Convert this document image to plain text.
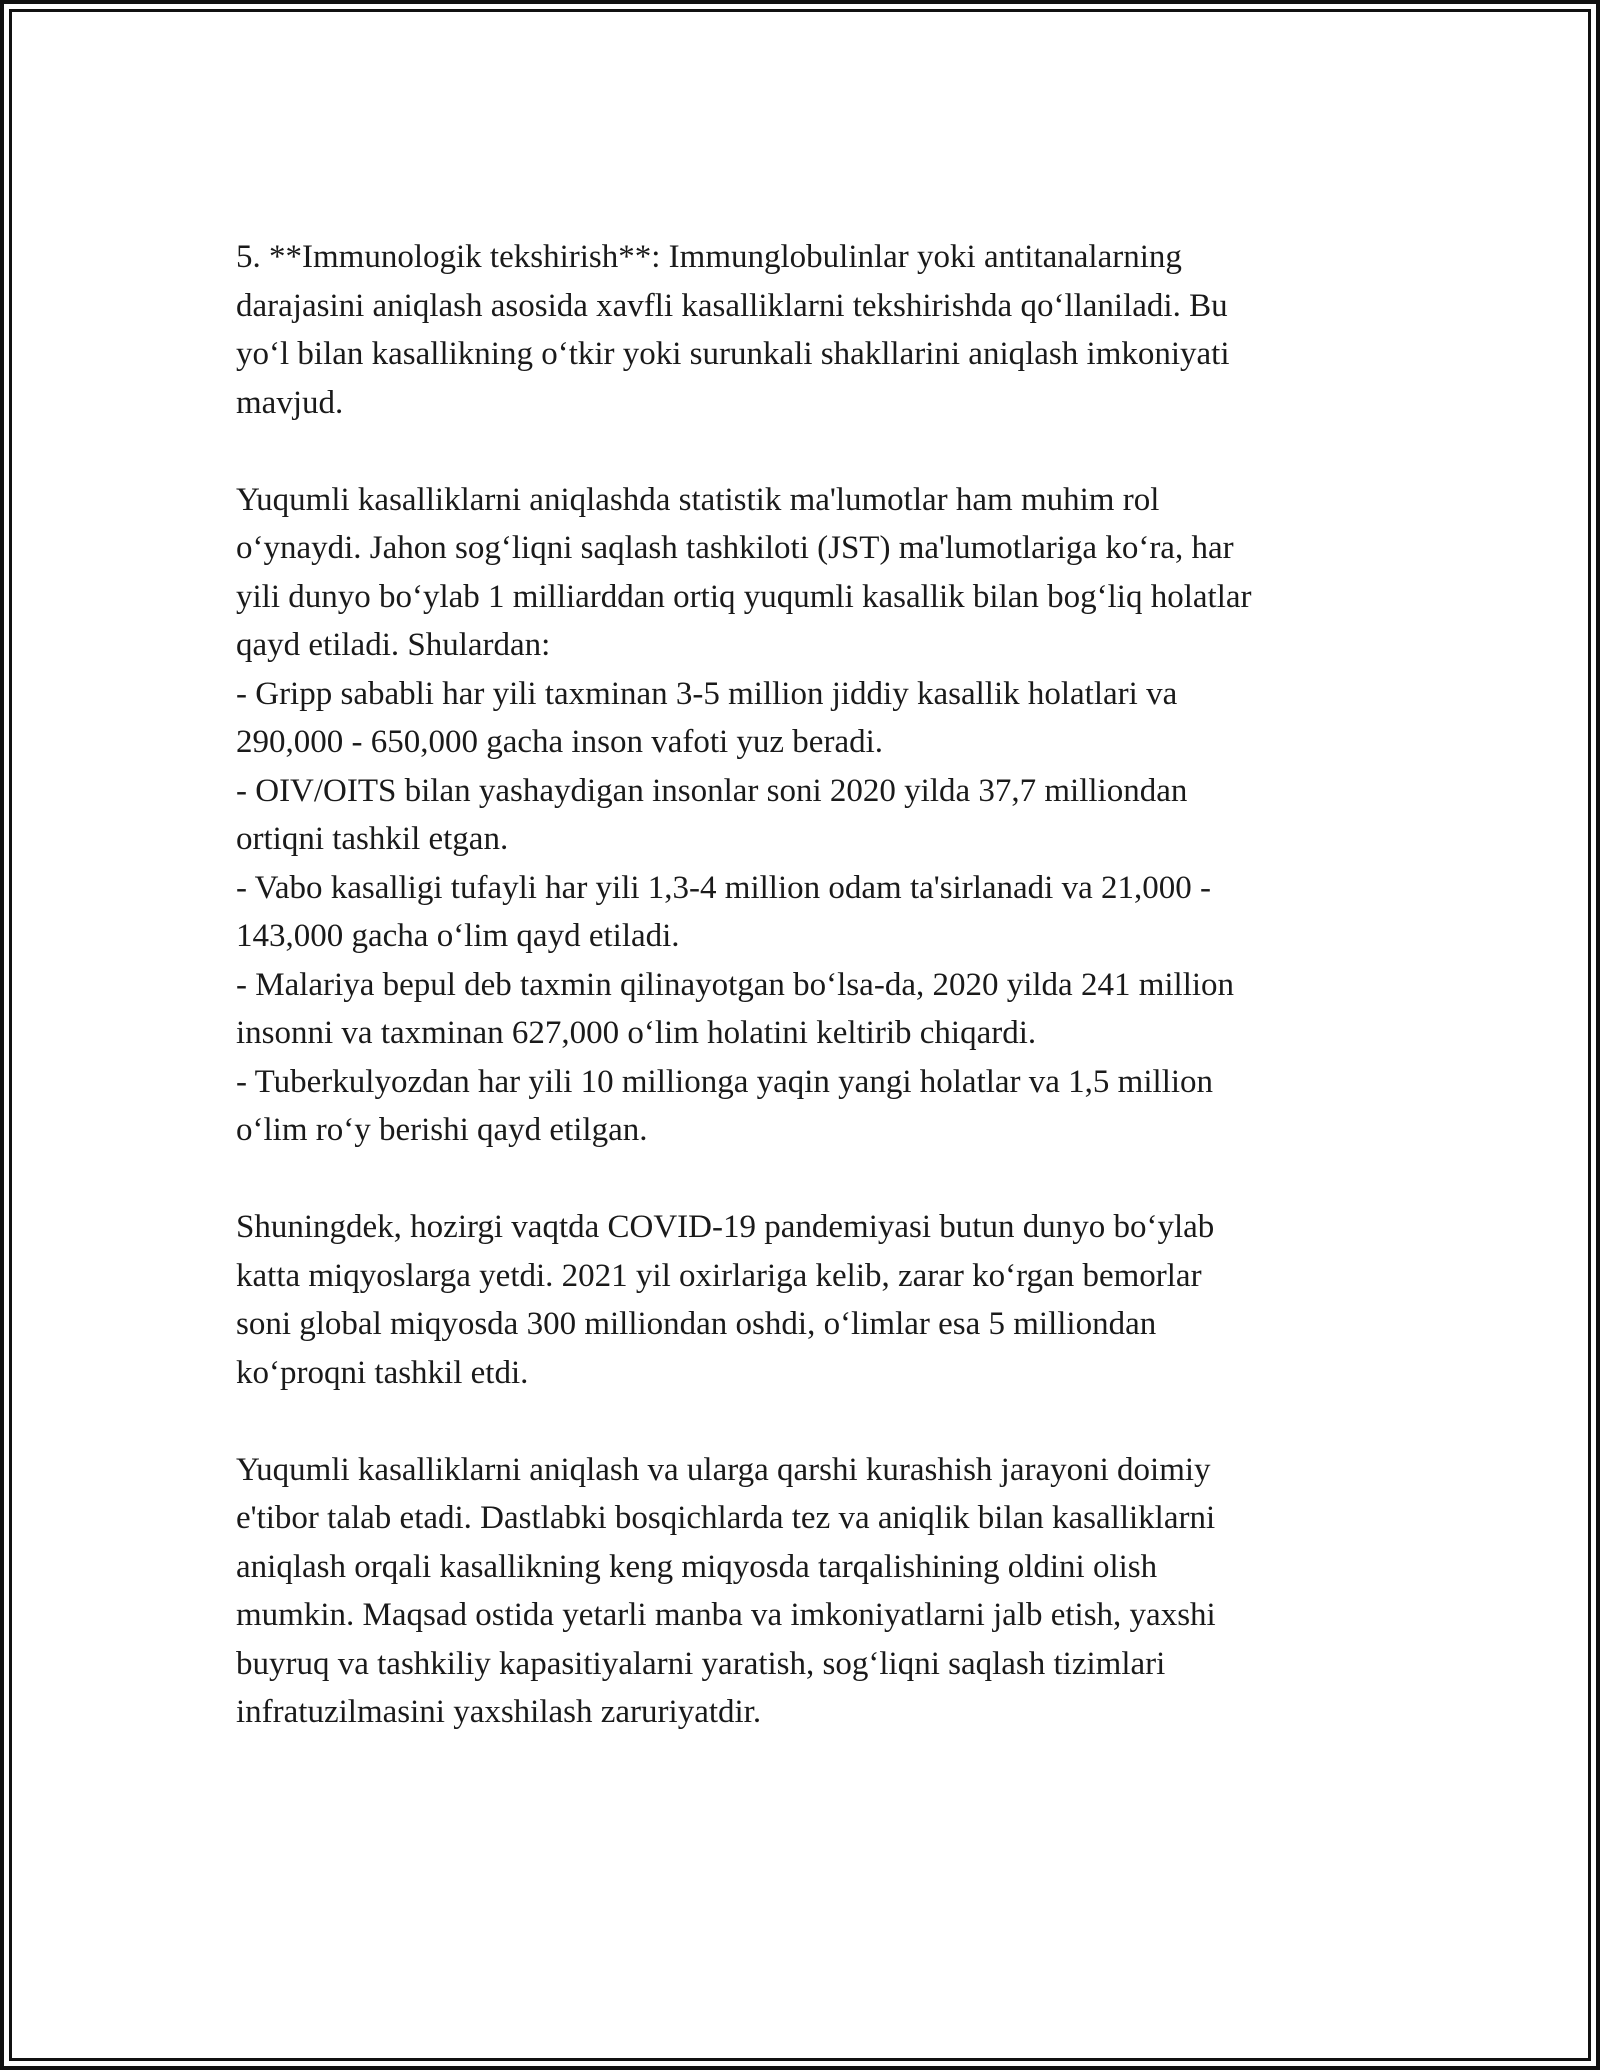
5. **Immunologik tekshirish**: Immunglobulinlar yoki antitanalarning

darajasini aniqlash asosida xavfli kasalliklarni tekshirishda qo‘llaniladi. Bu

yo‘l bilan kasallikning o‘tkir yoki surunkali shakllarini aniqlash imkoniyati

mavjud.

Yuqumli kasalliklarni aniqlashda statistik ma'lumotlar ham muhim rol

o‘ynaydi. Jahon sog‘liqni saqlash tashkiloti (JST) ma'lumotlariga ko‘ra, har

yili dunyo bo‘ylab 1 milliarddan ortiq yuqumli kasallik bilan bog‘liq holatlar

qayd etiladi. Shulardan:

- Gripp sababli har yili taxminan 3-5 million jiddiy kasallik holatlari va

290,000 - 650,000 gacha inson vafoti yuz beradi.

- OIV/OITS bilan yashaydigan insonlar soni 2020 yilda 37,7 milliondan

ortiqni tashkil etgan.

- Vabo kasalligi tufayli har yili 1,3-4 million odam ta'sirlanadi va 21,000 -

143,000 gacha o‘lim qayd etiladi.

- Malariya bepul deb taxmin qilinayotgan bo‘lsa-da, 2020 yilda 241 million

insonni va taxminan 627,000 o‘lim holatini keltirib chiqardi.

- Tuberkulyozdan har yili 10 millionga yaqin yangi holatlar va 1,5 million

o‘lim ro‘y berishi qayd etilgan.

Shuningdek, hozirgi vaqtda COVID-19 pandemiyasi butun dunyo bo‘ylab

katta miqyoslarga yetdi. 2021 yil oxirlariga kelib, zarar ko‘rgan bemorlar

soni global miqyosda 300 milliondan oshdi, o‘limlar esa 5 milliondan

ko‘proqni tashkil etdi.

Yuqumli kasalliklarni aniqlash va ularga qarshi kurashish jarayoni doimiy

e'tibor talab etadi. Dastlabki bosqichlarda tez va aniqlik bilan kasalliklarni

aniqlash orqali kasallikning keng miqyosda tarqalishining oldini olish

mumkin. Maqsad ostida yetarli manba va imkoniyatlarni jalb etish, yaxshi

buyruq va tashkiliy kapasitiyalarni yaratish, sog‘liqni saqlash tizimlari

infratuzilmasini yaxshilash zaruriyatdir.
